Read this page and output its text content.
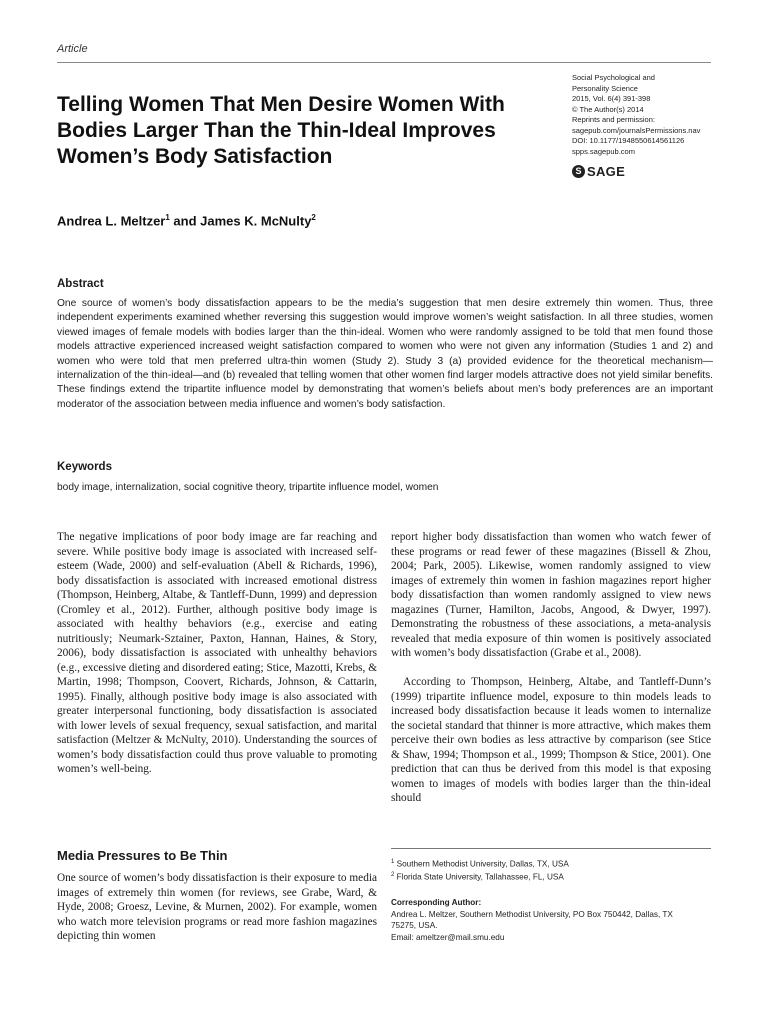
Article
Telling Women That Men Desire Women With Bodies Larger Than the Thin-Ideal Improves Women’s Body Satisfaction
Social Psychological and
Personality Science
2015, Vol. 6(4) 391-398
© The Author(s) 2014
Reprints and permission:
sagepub.com/journalsPermissions.nav
DOI: 10.1177/1948550614561126
spps.sagepub.com
S SAGE
Andrea L. Meltzer$^1$ and James K. McNulty$^2$
Abstract

One source of women’s body dissatisfaction appears to be the media’s suggestion that men desire extremely thin women. Thus, three independent experiments examined whether reversing this suggestion would improve women’s weight satisfaction. In all three studies, women viewed images of female models with bodies larger than the thin-ideal. Women who were randomly assigned to be told that men found those models attractive experienced increased weight satisfaction compared to women who were not given any information (Studies 1 and 2) and women who were told that men preferred ultra-thin women (Study 2). Study 3 (a) provided evidence for the theoretical mechanism—internalization of the thin-ideal—and (b) revealed that telling women that other women find larger models attractive does not yield similar benefits. These findings extend the tripartite influence model by demonstrating that women’s beliefs about men’s body preferences are an important moderator of the association between media influence and women’s body satisfaction.

Keywords

body image, internalization, social cognitive theory, tripartite influence model, women

The negative implications of poor body image are far reaching and severe. While positive body image is associated with increased self-esteem (Wade, 2000) and self-evaluation (Abell & Richards, 1996), body dissatisfaction is associated with increased emotional distress (Thompson, Heinberg, Altabe, & Tantleff-Dunn, 1999) and depression (Cromley et al., 2012). Further, although positive body image is associated with healthy behaviors (e.g., exercise and eating nutritiously; Neumark-Sztainer, Paxton, Hannan, Haines, & Story, 2006), body dissatisfaction is associated with unhealthy behaviors (e.g., excessive dieting and disordered eating; Stice, Mazotti, Krebs, & Martin, 1998; Thompson, Coovert, Richards, Johnson, & Cattarin, 1995). Finally, although positive body image is also associated with greater interpersonal functioning, body dissatisfaction is associated with lower levels of sexual frequency, sexual satisfaction, and marital satisfaction (Meltzer & McNulty, 2010). Understanding the sources of women’s body dissatisfaction could thus prove valuable to promoting women’s well-being.

Media Pressures to Be Thin

One source of women’s body dissatisfaction is their exposure to media images of extremely thin women (for reviews, see Grabe, Ward, & Hyde, 2008; Groesz, Levine, & Murnen, 2002). For example, women who watch more television programs or read more fashion magazines depicting thin women

report higher body dissatisfaction than women who watch fewer of these programs or read fewer of these magazines (Bissell & Zhou, 2004; Park, 2005). Likewise, women randomly assigned to view images of extremely thin women in fashion magazines report higher body dissatisfaction than women randomly assigned to view news magazines (Turner, Hamilton, Jacobs, Angood, & Dwyer, 1997). Demonstrating the robustness of these associations, a meta-analysis revealed that media exposure of thin women is positively associated with women’s body dissatisfaction (Grabe et al., 2008).

According to Thompson, Heinberg, Altabe, and Tantleff-Dunn’s (1999) tripartite influence model, exposure to thin models leads to increased body dissatisfaction because it leads women to internalize the societal standard that thinner is more attractive, which makes them perceive their own bodies as less attractive by comparison (see Stice & Shaw, 1994; Thompson et al., 1999; Thompson & Stice, 2001). One prediction that can thus be derived from this model is that exposing women to images of models with bodies larger than the thin-ideal should

$^1$ Southern Methodist University, Dallas, TX, USA
$^2$ Florida State University, Tallahassee, FL, USA
Corresponding Author:
Andrea L. Meltzer, Southern Methodist University, PO Box 750442, Dallas, TX
75275, USA.
Email: ameltzer@mail.smu.edu
